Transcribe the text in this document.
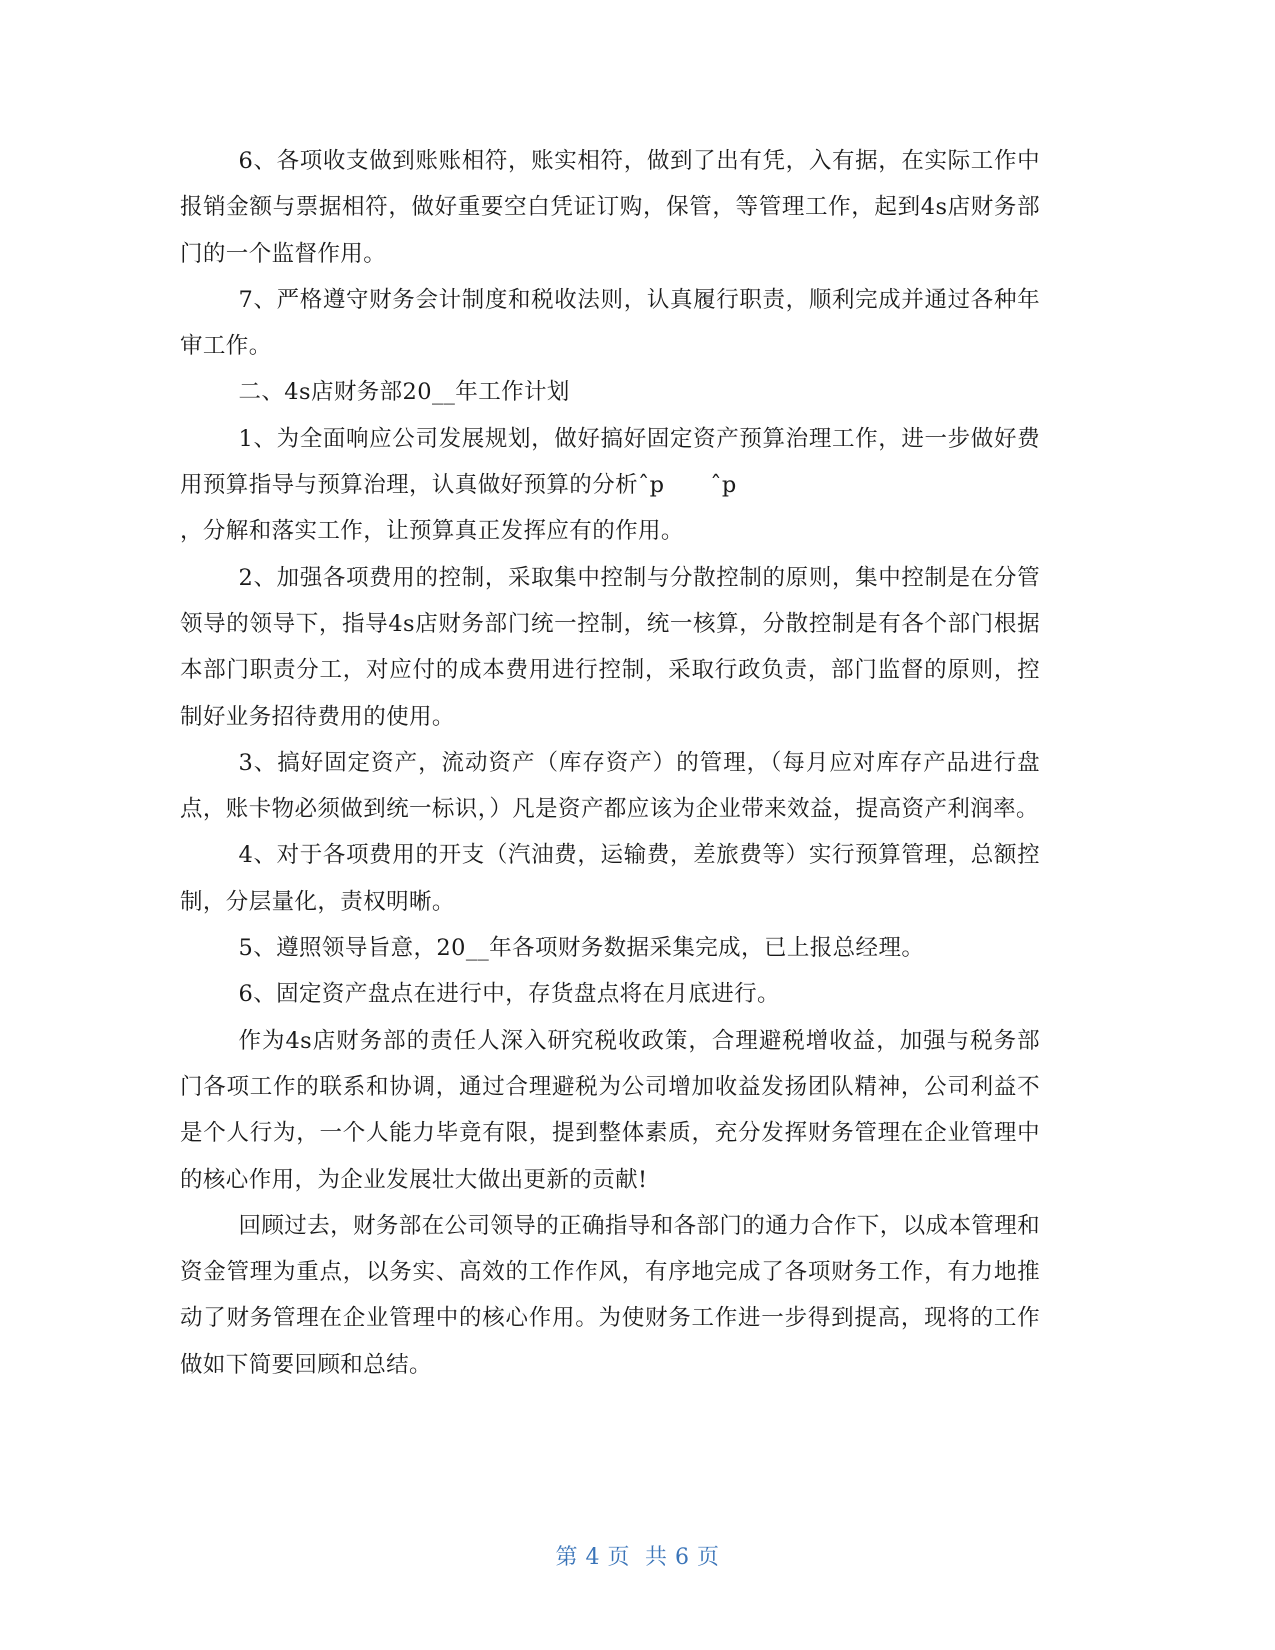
6、各项收支做到账账相符，账实相符，做到了出有凭，入有据，在实际工作中报销金额与票据相符，做好重要空白凭证订购，保管，等管理工作，起到4s店财务部门的一个监督作用。

7、严格遵守财务会计制度和税收法则，认真履行职责，顺利完成并通过各种年审工作。

二、4s店财务部20__年工作计划

1、为全面响应公司发展规划，做好搞好固定资产预算治理工作，进一步做好费用预算指导与预算治理，认真做好预算的分析ˆp　　ˆp

，分解和落实工作，让预算真正发挥应有的作用。

2、加强各项费用的控制，采取集中控制与分散控制的原则，集中控制是在分管领导的领导下，指导4s店财务部门统一控制，统一核算，分散控制是有各个部门根据本部门职责分工，对应付的成本费用进行控制，采取行政负责，部门监督的原则，控制好业务招待费用的使用。

3、搞好固定资产，流动资产（库存资产）的管理，（每月应对库存产品进行盘点，账卡物必须做到统一标识，）凡是资产都应该为企业带来效益，提高资产利润率。

4、对于各项费用的开支（汽油费，运输费，差旅费等）实行预算管理，总额控制，分层量化，责权明晰。

5、遵照领导旨意，20__年各项财务数据采集完成，已上报总经理。

6、固定资产盘点在进行中，存货盘点将在月底进行。

作为4s店财务部的责任人深入研究税收政策，合理避税增收益，加强与税务部门各项工作的联系和协调，通过合理避税为公司增加收益发扬团队精神，公司利益不是个人行为，一个人能力毕竟有限，提到整体素质，充分发挥财务管理在企业管理中的核心作用，为企业发展壮大做出更新的贡献!

回顾过去，财务部在公司领导的正确指导和各部门的通力合作下，以成本管理和资金管理为重点，以务实、高效的工作作风，有序地完成了各项财务工作，有力地推动了财务管理在企业管理中的核心作用。为使财务工作进一步得到提高，现将的工作做如下简要回顾和总结。

第 4 页  共 6 页
